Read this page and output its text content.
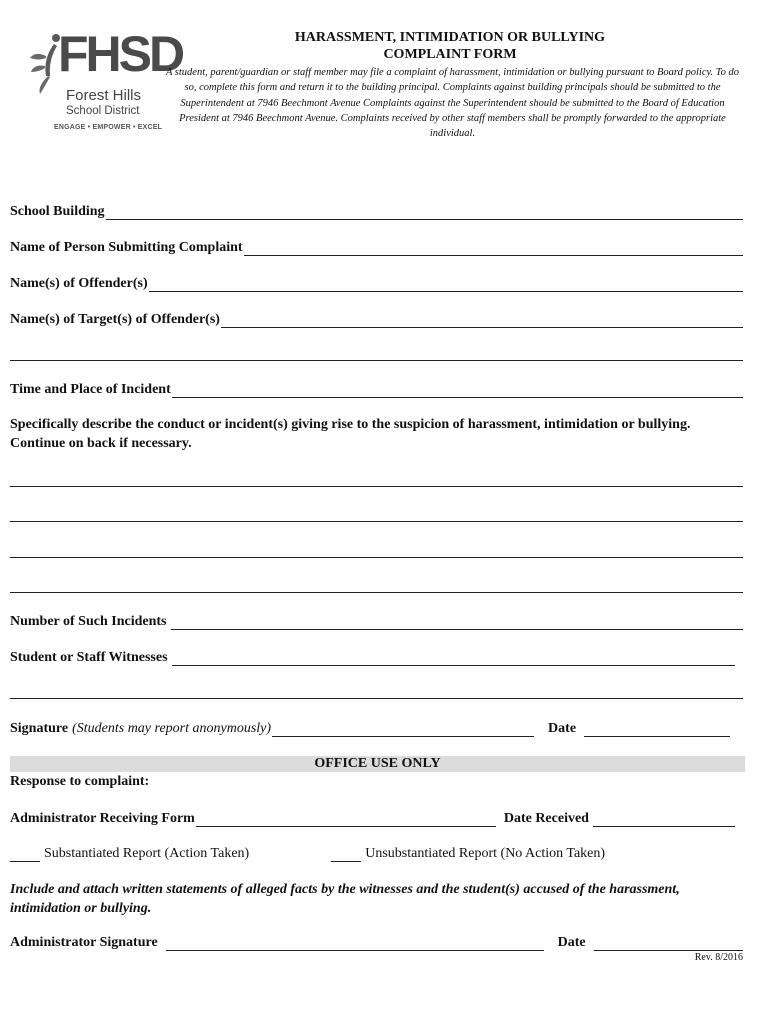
FHSD
Forest Hills
School District
ENGAGE • EMPOWER • EXCEL
HARASSMENT, INTIMIDATION OR BULLYING
COMPLAINT FORM
A student, parent/guardian or staff member may file a complaint of harassment, intimidation or bullying pursuant to Board policy. To do so, complete this form and return it to the building principal. Complaints against building principals should be submitted to the Superintendent at 7946 Beechmont Avenue Complaints against the Superintendent should be submitted to the Board of Education President at 7946 Beechmont Avenue. Complaints received by other staff members shall be promptly forwarded to the appropriate individual.
School Building
Name of Person Submitting Complaint
Name(s) of Offender(s)
Name(s) of Target(s) of Offender(s)
Time and Place of Incident
Specifically describe the conduct or incident(s) giving rise to the suspicion of harassment, intimidation or bullying. Continue on back if necessary.
Number of Such Incidents
Student or Staff Witnesses
Signature (Students may report anonymously)	Date
OFFICE USE ONLY
Response to complaint:
Administrator Receiving Form	Date Received
Substantiated Report (Action Taken)	Unsubstantiated Report (No Action Taken)
Include and attach written statements of alleged facts by the witnesses and the student(s) accused of the harassment, intimidation or bullying.
Administrator Signature	Date
Rev. 8/2016
